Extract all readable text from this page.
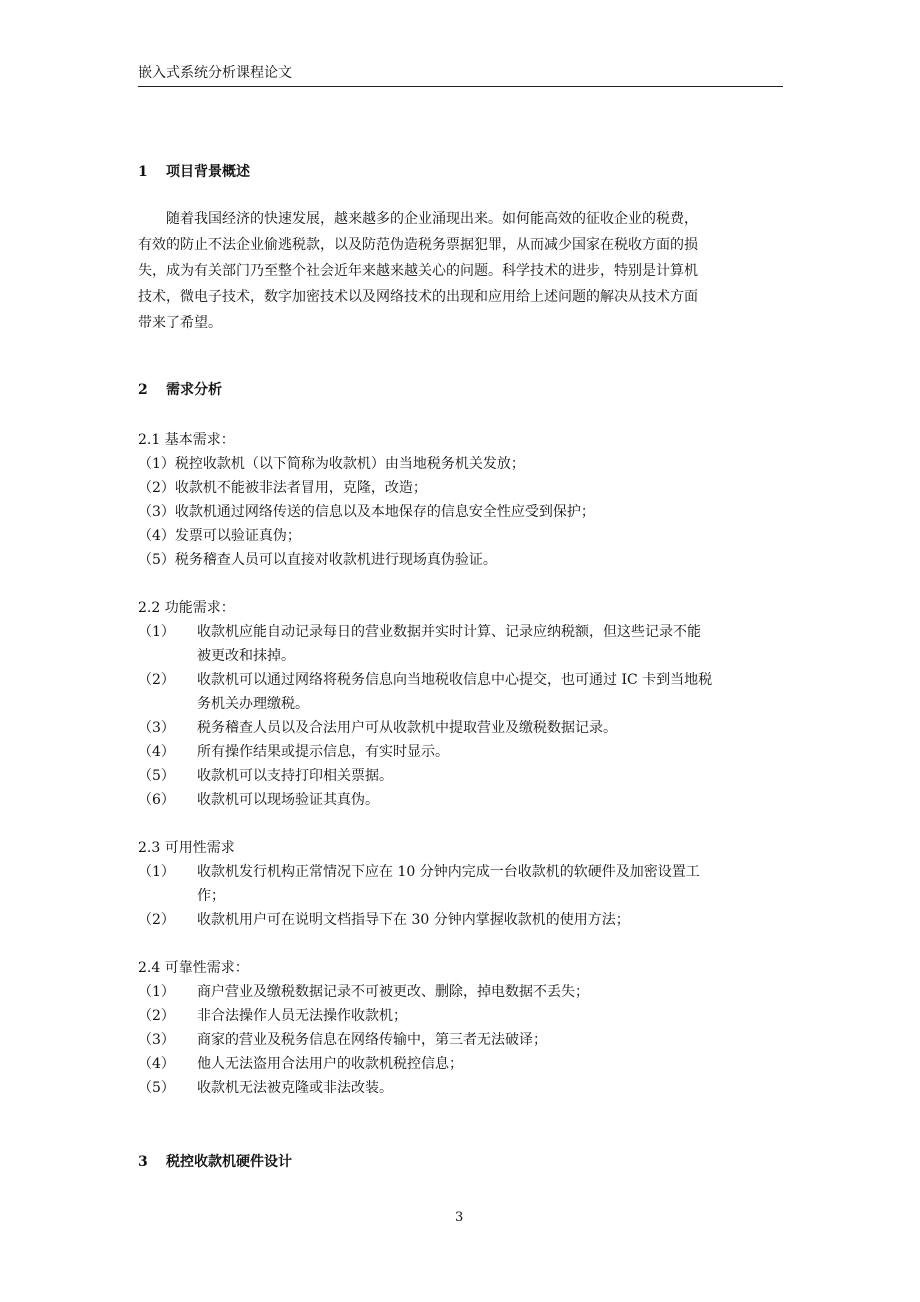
嵌入式系统分析课程论文
1 项目背景概述
随着我国经济的快速发展，越来越多的企业涌现出来。如何能高效的征收企业的税费，
有效的防止不法企业偷逃税款，以及防范伪造税务票据犯罪，从而减少国家在税收方面的损
失，成为有关部门乃至整个社会近年来越来越关心的问题。科学技术的进步，特别是计算机
技术，微电子技术，数字加密技术以及网络技术的出现和应用给上述问题的解决从技术方面
带来了希望。
2 需求分析
2.1 基本需求：
（1）税控收款机（以下简称为收款机）由当地税务机关发放；
（2）收款机不能被非法者冒用，克隆，改造；
（3）收款机通过网络传送的信息以及本地保存的信息安全性应受到保护；
（4）发票可以验证真伪；
（5）税务稽查人员可以直接对收款机进行现场真伪验证。
2.2 功能需求：
（1） 收款机应能自动记录每日的营业数据并实时计算、记录应纳税额，但这些记录不能
被更改和抹掉。
（2） 收款机可以通过网络将税务信息向当地税收信息中心提交，也可通过 IC 卡到当地税
务机关办理缴税。
（3） 税务稽查人员以及合法用户可从收款机中提取营业及缴税数据记录。
（4） 所有操作结果或提示信息，有实时显示。
（5） 收款机可以支持打印相关票据。
（6） 收款机可以现场验证其真伪。
2.3 可用性需求
（1） 收款机发行机构正常情况下应在 10 分钟内完成一台收款机的软硬件及加密设置工
作；
（2） 收款机用户可在说明文档指导下在 30 分钟内掌握收款机的使用方法；
2.4 可靠性需求：
（1） 商户营业及缴税数据记录不可被更改、删除，掉电数据不丢失；
（2） 非合法操作人员无法操作收款机；
（3） 商家的营业及税务信息在网络传输中，第三者无法破译；
（4） 他人无法盗用合法用户的收款机税控信息；
（5） 收款机无法被克隆或非法改装。
3 税控收款机硬件设计
3
